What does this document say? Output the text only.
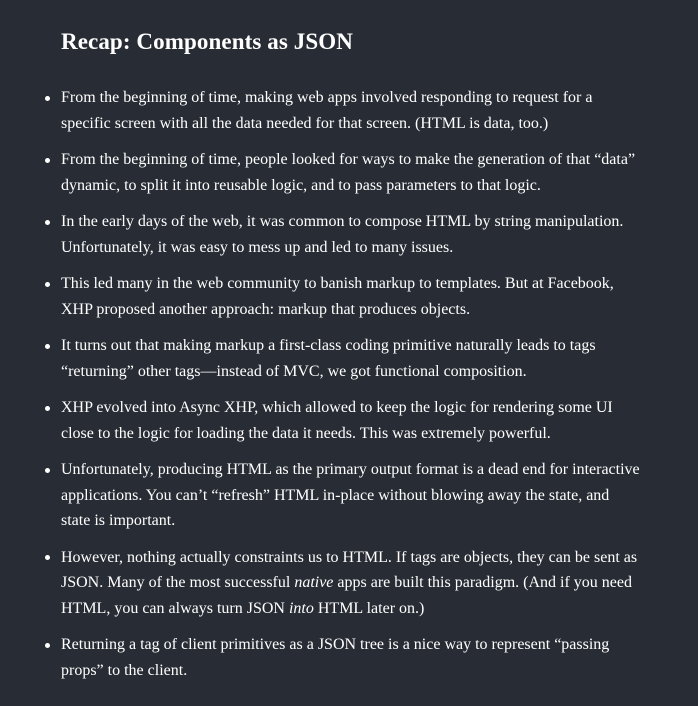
Recap: Components as JSON
From the beginning of time, making web apps involved responding to request for a specific screen with all the data needed for that screen. (HTML is data, too.)
From the beginning of time, people looked for ways to make the generation of that “data” dynamic, to split it into reusable logic, and to pass parameters to that logic.
In the early days of the web, it was common to compose HTML by string manipulation. Unfortunately, it was easy to mess up and led to many issues.
This led many in the web community to banish markup to templates. But at Facebook, XHP proposed another approach: markup that produces objects.
It turns out that making markup a first-class coding primitive naturally leads to tags “returning” other tags—instead of MVC, we got functional composition.
XHP evolved into Async XHP, which allowed to keep the logic for rendering some UI close to the logic for loading the data it needs. This was extremely powerful.
Unfortunately, producing HTML as the primary output format is a dead end for interactive applications. You can’t “refresh” HTML in-place without blowing away the state, and state is important.
However, nothing actually constraints us to HTML. If tags are objects, they can be sent as JSON. Many of the most successful native apps are built this paradigm. (And if you need HTML, you can always turn JSON into HTML later on.)
Returning a tag of client primitives as a JSON tree is a nice way to represent “passing props” to the client.
